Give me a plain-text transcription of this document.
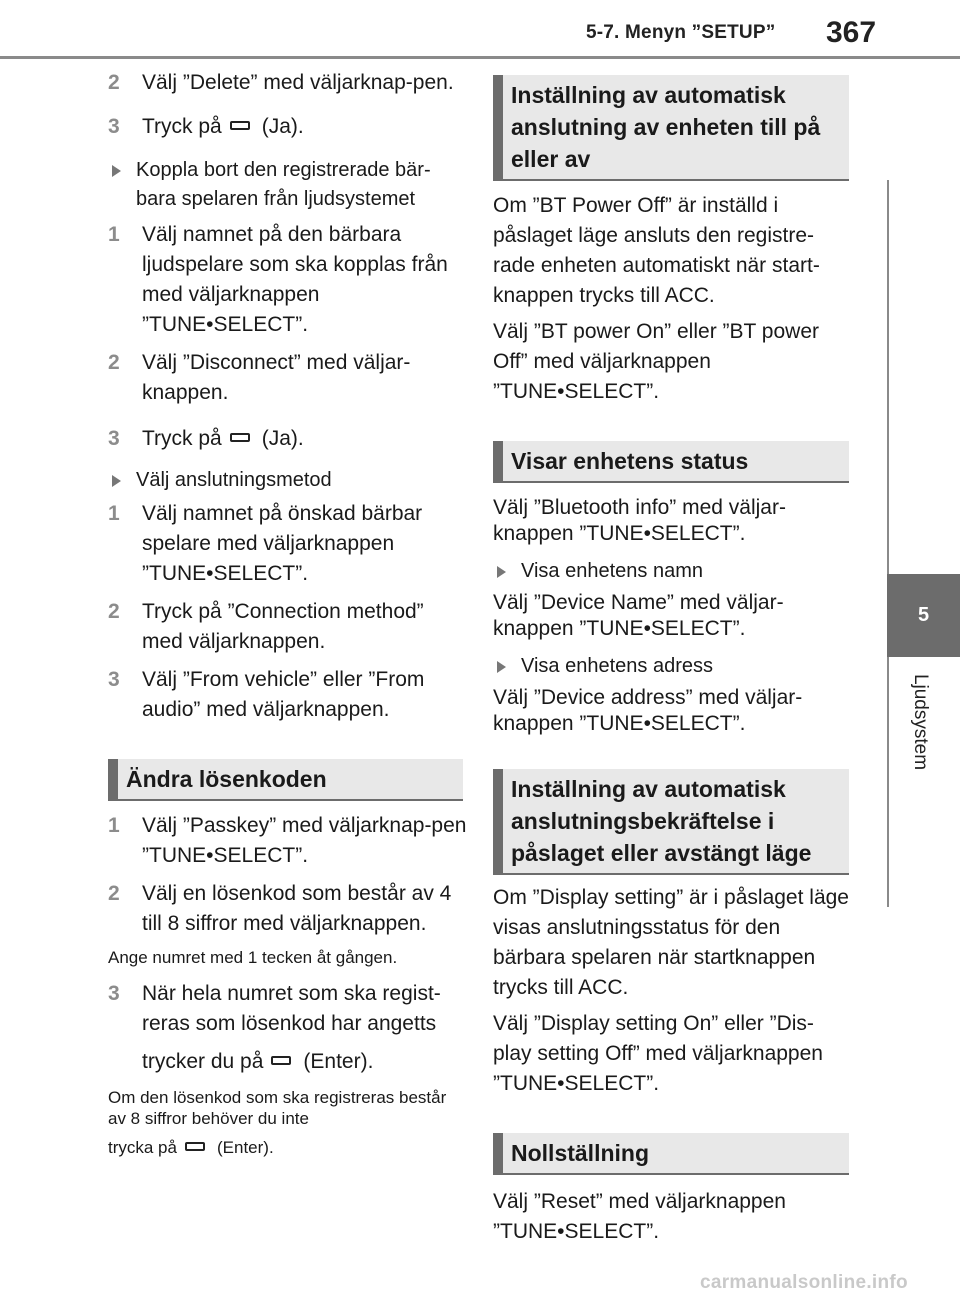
5-7. Menyn ”SETUP” 367
5
Ljudsystem
2	Välj ”Delete” med väljarknap-pen.
3	Tryck på (Ja).
Koppla bort den registrerade bär-bara spelaren från ljudsystemet
1	Välj namnet på den bärbara ljudspelare som ska kopplas från med väljarknappen ”TUNE•SELECT”.
2	Välj ”Disconnect” med väljar-knappen.
3	Tryck på (Ja).
Välj anslutningsmetod
1	Välj namnet på önskad bärbar spelare med väljarknappen ”TUNE•SELECT”.
2	Tryck på ”Connection method” med väljarknappen.
3	Välj ”From vehicle” eller ”From audio” med väljarknappen.
Ändra lösenkoden
1	Välj ”Passkey” med väljarknap-pen ”TUNE•SELECT”.
2	Välj en lösenkod som består av 4 till 8 siffror med väljarknappen.
Ange numret med 1 tecken åt gången.
3	När hela numret som ska regist-reras som lösenkod har angetts
trycker du på (Enter).
Om den lösenkod som ska registreras består av 8 siffror behöver du inte
trycka på (Enter).
Inställning av automatisk anslutning av enheten till på eller av
Om ”BT Power Off” är inställd i påslaget läge ansluts den registre-rade enheten automatiskt när start-knappen trycks till ACC.
Välj ”BT power On” eller ”BT power Off” med väljarknappen ”TUNE•SELECT”.
Visar enhetens status
Välj ”Bluetooth info” med väljar-knappen ”TUNE•SELECT”.
Visa enhetens namn
Välj ”Device Name” med väljar-knappen ”TUNE•SELECT”.
Visa enhetens adress
Välj ”Device address” med väljar-knappen ”TUNE•SELECT”.
Inställning av automatisk anslutningsbekräftelse i påslaget eller avstängt läge
Om ”Display setting” är i påslaget läge visas anslutningsstatus för den bärbara spelaren när startknappen trycks till ACC.
Välj ”Display setting On” eller ”Dis-play setting Off” med väljarknappen ”TUNE•SELECT”.
Nollställning
Välj ”Reset” med väljarknappen ”TUNE•SELECT”.
carmanualsonline.info
